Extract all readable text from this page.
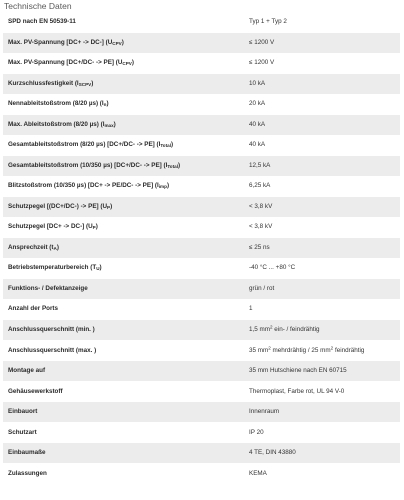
Technische Daten
SPD nach EN 50539-11	Typ 1 + Typ 2
Max. PV-Spannung [DC+ -> DC-] $(U_{CPV})$	≤ 1200 V
Max. PV-Spannung [DC+/DC- -> PE] $(U_{CPV})$	≤ 1200 V
Kurzschlussfestigkeit $(I_{SCPV})$	10 kA
Nennableitstoßstrom (8/20 µs) $(I_n)$	20 kA
Max. Ableitstoßstrom (8/20 µs) $(I_{max})$	40 kA
Gesamtableitstoßstrom (8/20 µs) [DC+/DC- -> PE] $(I_{Total})$	40 kA
Gesamtableitstoßstrom (10/350 µs) [DC+/DC- -> PE] $(I_{Total})$	12,5 kA
Blitzstoßstrom (10/350 µs) [DC+ -> PE/DC- -> PE] $(I_{imp})$	6,25 kA
Schutzpegel [(DC+/DC-) -> PE] $(U_P)$	< 3,8 kV
Schutzpegel [DC+ -> DC-] $(U_P)$	< 3,8 kV
Ansprechzeit $(t_A)$	≤ 25 ns
Betriebstemperaturbereich $(T_U)$	-40 °C ... +80 °C
Funktions- / Defektanzeige	grün / rot
Anzahl der Ports	1
Anschlussquerschnitt (min. )	1,5 $mm^2$ ein- / feindrähtig
Anschlussquerschnitt (max. )	35 $mm^2$ mehrdrähtig / 25 $mm^2$ feindrähtig
Montage auf	35 mm Hutschiene nach EN 60715
Gehäusewerkstoff	Thermoplast, Farbe rot, UL 94 V-0
Einbauort	Innenraum
Schutzart	IP 20
Einbaumaße	4 TE, DIN 43880
Zulassungen	KEMA
